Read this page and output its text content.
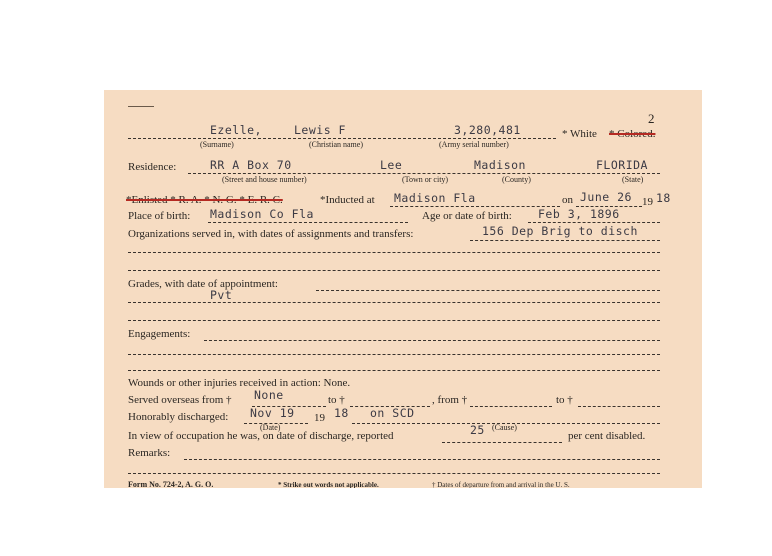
2
Ezelle,	Lewis F	3,280,481	* White * Colored.
(Surname)	(Christian name)	(Army serial number)
Residence:	RR A Box 70	Lee	Madison	FLORIDA
(Street and house number)	(Town or city)	(County)	(State)
*Enlisted * R. A. * N. G. * E. R. C.	*Inducted at Madison Fla	on June 26 19 18
Place of birth: Madison Co Fla	Age or date of birth: Feb 3, 1896
Organizations served in, with dates of assignments and transfers:	156 Dep Brig to disch
Grades, with date of appointment:
Pvt
Engagements:
Wounds or other injuries received in action: None.
Served overseas from † None	to †	, from †	to †
Honorably discharged: Nov 19 19 18 on SCD
(Date)	(Cause)
In view of occupation he was, on date of discharge, reported	25	per cent disabled.
Remarks:
Form No. 724-2, A. G. O.	* Strike out words not applicable.	† Dates of departure from and arrival in the U. S.
